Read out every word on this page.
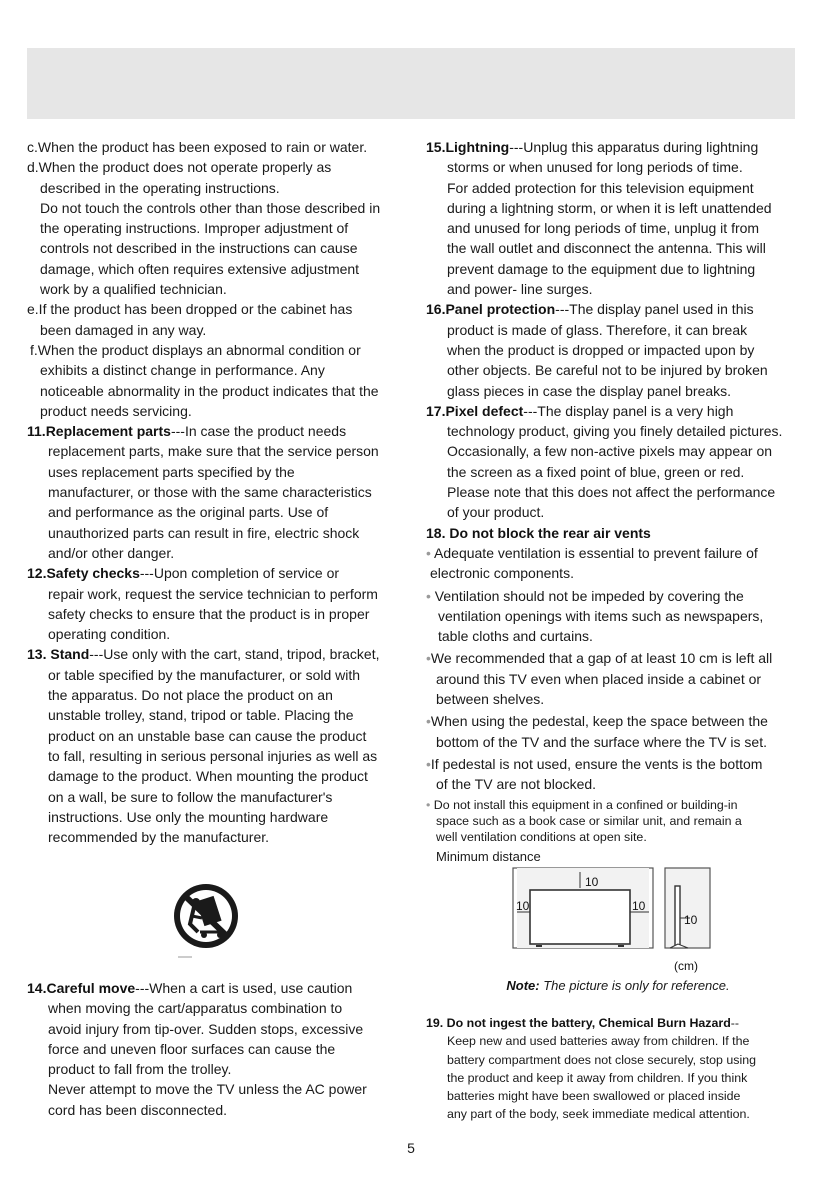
c.When the product has been exposed to rain or water.

d.When the product does not operate properly as

described in the operating instructions.

Do not touch the controls other than those described in

the operating instructions. Improper adjustment of

controls not described in the instructions can cause

damage, which often requires extensive adjustment

work by a qualified technician.

e.If the product has been dropped or the cabinet has

been damaged in any way.

f.When the product displays an abnormal condition or

exhibits a distinct change in performance. Any

noticeable abnormality in the product indicates that the

product needs servicing.

11.Replacement parts---In case the product needs

replacement parts, make sure that the service person

uses replacement parts specified by the

manufacturer, or those with the same characteristics

and performance as the original parts. Use of

unauthorized parts can result in fire, electric shock

and/or other danger.

12.Safety checks---Upon completion of service or

repair work, request the service technician to perform

safety checks to ensure that the product is in proper

operating condition.

13. Stand---Use only with the cart, stand, tripod, bracket,

or table specified by the manufacturer, or sold with

the apparatus. Do not place the product on an

unstable trolley, stand, tripod or table. Placing the

product on an unstable base can cause the product

to fall, resulting in serious personal injuries as well as

damage to the product. When mounting the product

on a wall, be sure to follow the manufacturer's

instructions. Use only the mounting hardware

recommended by the manufacturer.

14.Careful move---When a cart is used, use caution

when moving the cart/apparatus combination to

avoid injury from tip-over. Sudden stops, excessive

force and uneven floor surfaces can cause the

product to fall from the trolley.

Never attempt to move the TV unless the AC power

cord has been disconnected.

15.Lightning---Unplug this apparatus during lightning

storms or when unused for long periods of time.

For added protection for this television equipment

during a lightning storm, or when it is left unattended

and unused for long periods of time, unplug it from

the wall outlet and disconnect the antenna. This will

prevent damage to the equipment due to lightning

and power- line surges.

16.Panel protection---The display panel used in this

product is made of glass. Therefore, it can break

when the product is dropped or impacted upon by

other objects. Be careful not to be injured by broken

glass pieces in case the display panel breaks.

17.Pixel defect---The display panel is a very high

technology product, giving you finely detailed pictures.

Occasionally, a few non-active pixels may appear on

the screen as a fixed point of blue, green or red.

Please note that this does not affect the performance

of your product.

18. Do not block the rear air vents

• Adequate ventilation is essential to prevent failure of

electronic components.

• Ventilation should not be impeded by covering the

ventilation openings with items such as newspapers,

table cloths and curtains.

•We recommended that a gap of at least 10 cm is left all

around this TV even when placed inside a cabinet or

between shelves.

•When using the pedestal, keep the space between the

bottom of the TV and the surface where the TV is set.

•If pedestal is not used, ensure the vents is the bottom

of the TV are not blocked.

• Do not install this equipment in a confined or building-in

space such as a book case or similar unit, and remain a

well ventilation conditions at open site.

Minimum distance

10
10	10
10
(cm)
Note: The picture is only for reference.

19. Do not ingest the battery, Chemical Burn Hazard--

Keep new and used batteries away from children. If the

battery compartment does not close securely, stop using

the product and keep it away from children. If you think

batteries might have been swallowed or placed inside

any part of the body, seek immediate medical attention.

5
